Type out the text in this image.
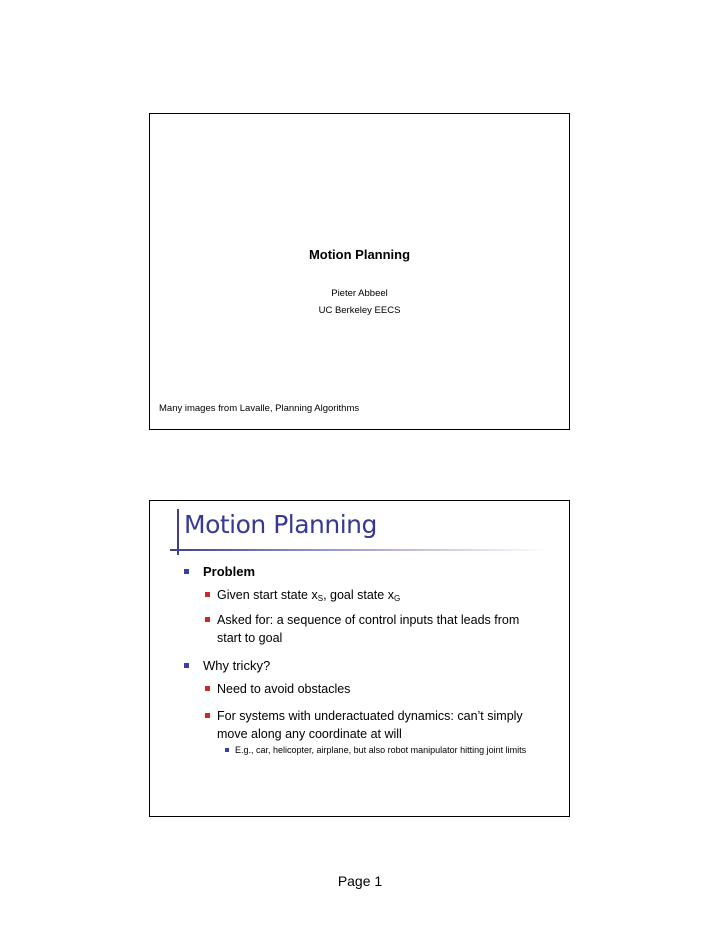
Motion Planning
Pieter Abbeel
UC Berkeley EECS
Many images from Lavalle, Planning Algorithms
Motion Planning
Problem
Given start state $x_S$, goal state $x_G$
Asked for: a sequence of control inputs that leads from start to goal
Why tricky?
Need to avoid obstacles
For systems with underactuated dynamics: can’t simply move along any coordinate at will
E.g., car, helicopter, airplane, but also robot manipulator hitting joint limits
Page 1
